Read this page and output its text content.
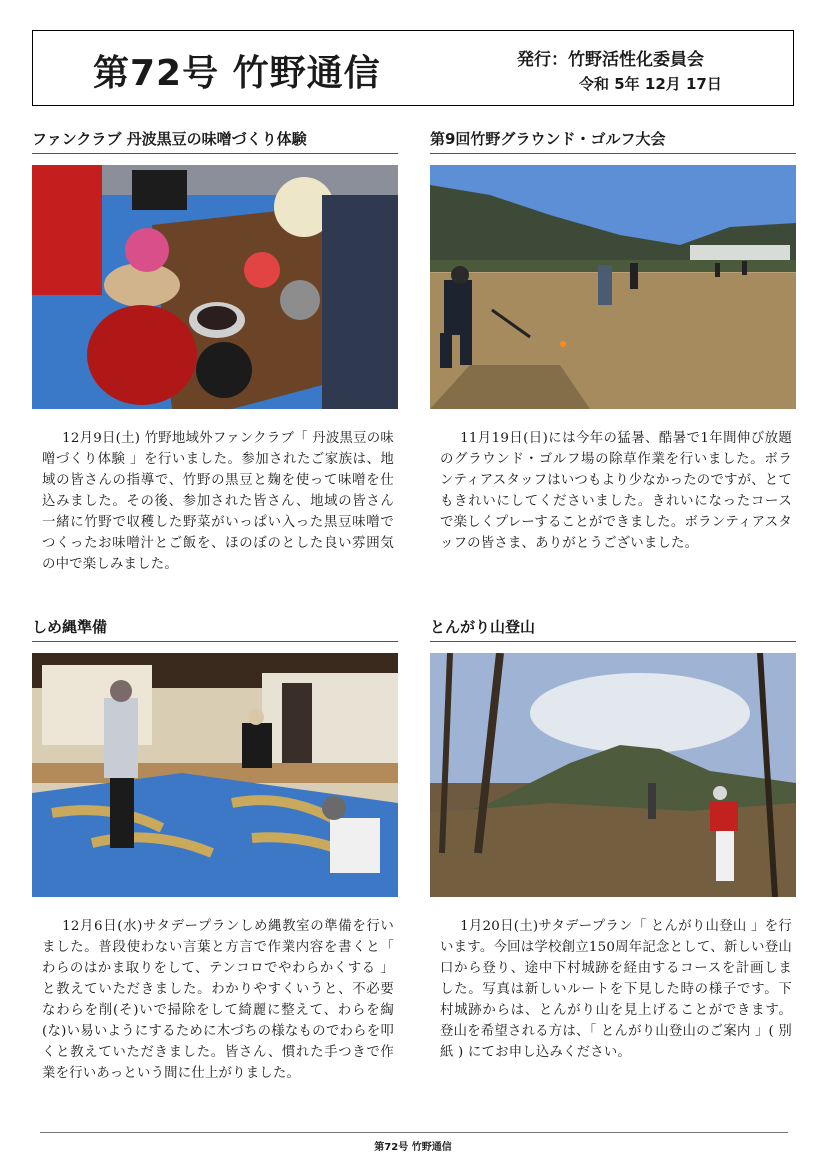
第72号 竹野通信	発行：竹野活性化委員会
令和 5年 12月 17日
ファンクラブ 丹波黒豆の味噌づくり体験
12月9日(土) 竹野地域外ファンクラブ「 丹波黒豆の味噌づくり体験 」を行いました。参加されたご家族は、地域の皆さんの指導で、竹野の黒豆と麹を使って味噌を仕込みました。その後、参加された皆さん、地域の皆さん一緒に竹野で収穫した野菜がいっぱい入った黒豆味噌でつくったお味噌汁とご飯を、ほのぼのとした良い雰囲気の中で楽しみました。
第9回竹野グラウンド・ゴルフ大会
11月19日(日)には今年の猛暑、酷暑で1年間伸び放題のグラウンド・ゴルフ場の除草作業を行いました。ボランティアスタッフはいつもより少なかったのですが、とてもきれいにしてくださいました。きれいになったコースで楽しくプレーすることができました。ボランティアスタッフの皆さま、ありがとうございました。
しめ縄準備
12月6日(水)サタデープランしめ縄教室の準備を行いました。普段使わない言葉と方言で作業内容を書くと「 わらのはかま取りをして、テンコロでやわらかくする 」と教えていただきました。わかりやすくいうと、不必要なわらを削(そ)いで掃除をして綺麗に整えて、わらを綯(な)い易いようにするために木づちの様なものでわらを叩くと教えていただきました。皆さん、慣れた手つきで作業を行いあっという間に仕上がりました。
とんがり山登山
1月20日(土)サタデープラン「 とんがり山登山 」を行います。今回は学校創立150周年記念として、新しい登山口から登り、途中下村城跡を経由するコースを計画しました。写真は新しいルートを下見した時の様子です。下村城跡からは、とんがり山を見上げることができます。 登山を希望される方は、「 とんがり山登山のご案内 」( 別紙 ) にてお申し込みください。
第72号 竹野通信
